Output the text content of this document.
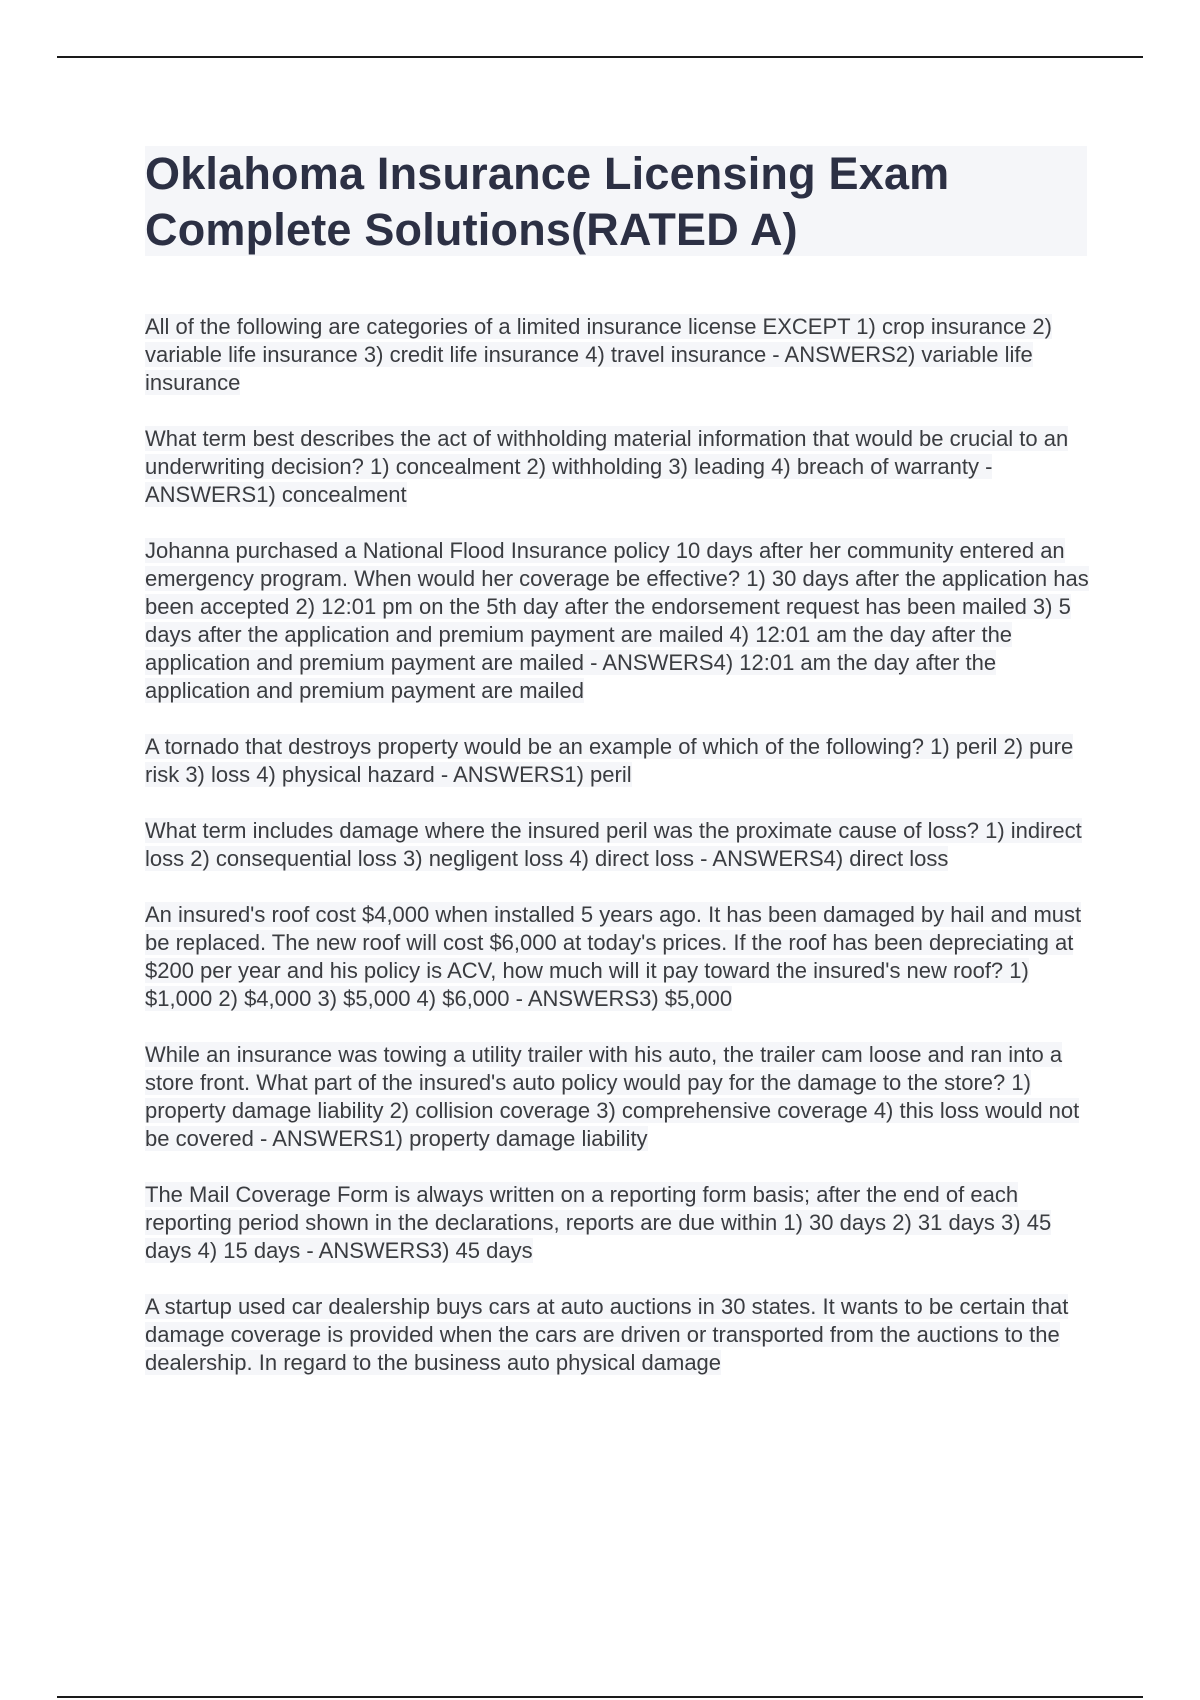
Oklahoma Insurance Licensing Exam
Complete Solutions(RATED A)

All of the following are categories of a limited insurance license EXCEPT 1) crop insurance 2) variable life insurance 3) credit life insurance 4) travel insurance - ANSWERS2) variable life insurance

What term best describes the act of withholding material information that would be crucial to an underwriting decision? 1) concealment 2) withholding 3) leading 4) breach of warranty - ANSWERS1) concealment

Johanna purchased a National Flood Insurance policy 10 days after her community entered an emergency program. When would her coverage be effective? 1) 30 days after the application has been accepted 2) 12:01 pm on the 5th day after the endorsement request has been mailed 3) 5 days after the application and premium payment are mailed 4) 12:01 am the day after the application and premium payment are mailed - ANSWERS4) 12:01 am the day after the application and premium payment are mailed

A tornado that destroys property would be an example of which of the following? 1) peril 2) pure risk 3) loss 4) physical hazard - ANSWERS1) peril

What term includes damage where the insured peril was the proximate cause of loss? 1) indirect loss 2) consequential loss 3) negligent loss 4) direct loss - ANSWERS4) direct loss

An insured's roof cost $4,000 when installed 5 years ago. It has been damaged by hail and must be replaced. The new roof will cost $6,000 at today's prices. If the roof has been depreciating at $200 per year and his policy is ACV, how much will it pay toward the insured's new roof? 1) $1,000 2) $4,000 3) $5,000 4) $6,000 - ANSWERS3) $5,000

While an insurance was towing a utility trailer with his auto, the trailer cam loose and ran into a store front. What part of the insured's auto policy would pay for the damage to the store? 1) property damage liability 2) collision coverage 3) comprehensive coverage 4) this loss would not be covered - ANSWERS1) property damage liability

The Mail Coverage Form is always written on a reporting form basis; after the end of each reporting period shown in the declarations, reports are due within 1) 30 days 2) 31 days 3) 45 days 4) 15 days - ANSWERS3) 45 days

A startup used car dealership buys cars at auto auctions in 30 states. It wants to be certain that damage coverage is provided when the cars are driven or transported from the auctions to the dealership. In regard to the business auto physical damage
